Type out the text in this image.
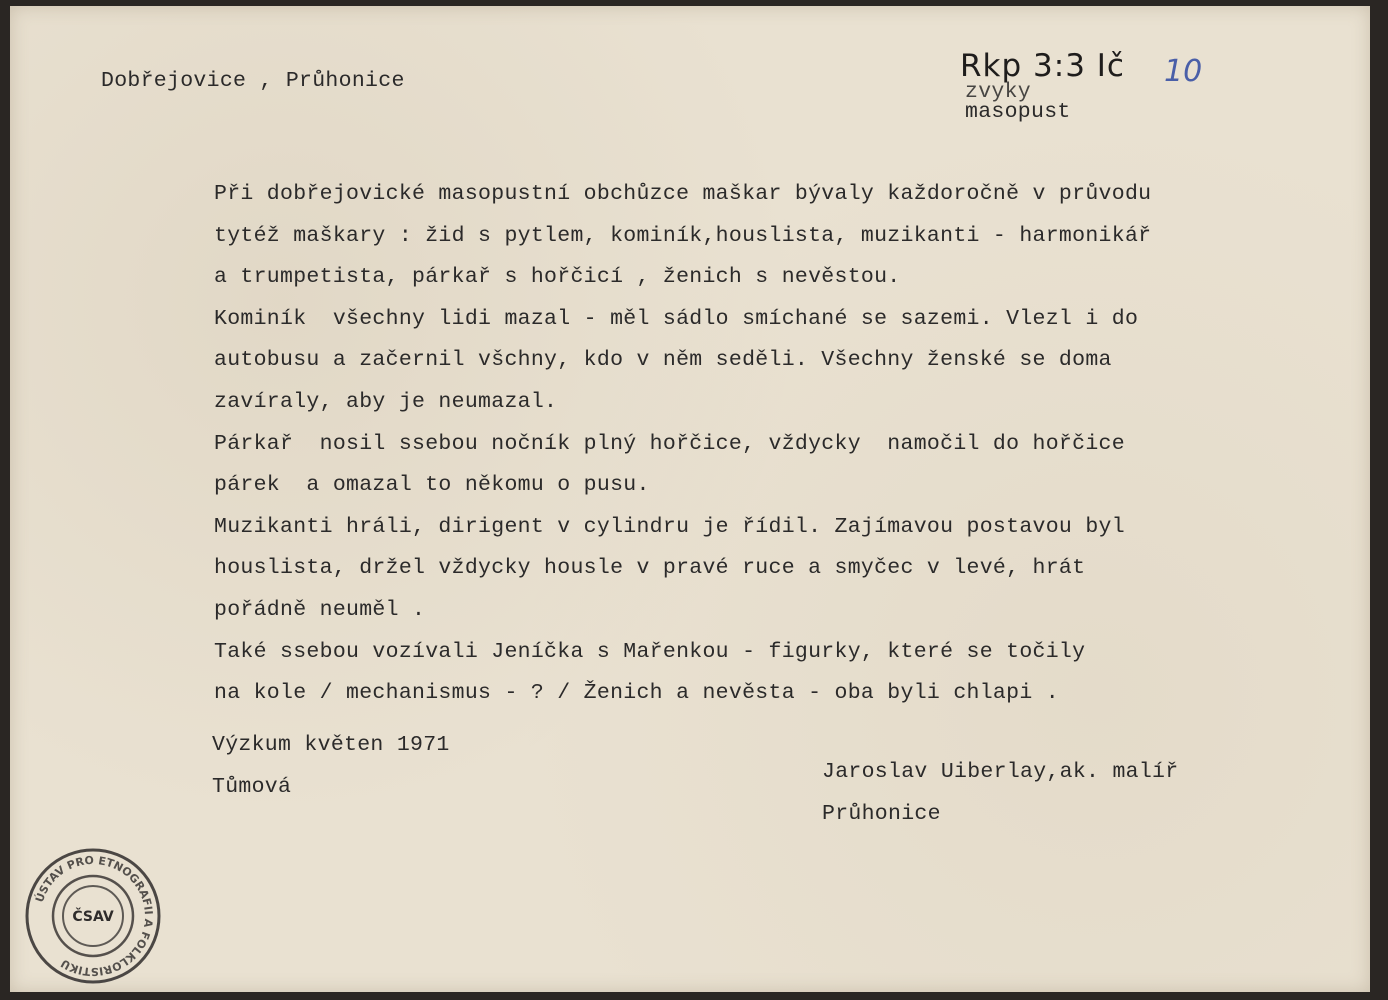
Dobřejovice , Průhonice	zvyky
masopust
Rkp 3:3 Ič 10
Při dobřejovické masopustní obchůzce maškar bývaly každoročně v průvodu
tytéž maškary : žid s pytlem, kominík,houslista, muzikanti - harmonikář
a trumpetista, párkař s hořčicí , ženich s nevěstou.
Kominík  všechny lidi mazal - měl sádlo smíchané se sazemi. Vlezl i do
autobusu a začernil všchny, kdo v něm seděli. Všechny ženské se doma
zavíraly, aby je neumazal.
Párkař  nosil ssebou nočník plný hořčice, vždycky  namočil do hořčice
párek  a omazal to někomu o pusu.
Muzikanti hráli, dirigent v cylindru je řídil. Zajímavou postavou byl
houslista, držel vždycky housle v pravé ruce a smyčec v levé, hrát
pořádně neuměl .
Také ssebou vozívali Jeníčka s Mařenkou - figurky, které se točily
na kole / mechanismus - ? / Ženich a nevěsta - oba byli chlapi .
Výzkum květen 1971
Tůmová
Jaroslav Uiberlay,ak. malíř
Průhonice
ÚSTAV PRO ETNOGRAFII A FOLKLORISTIKU
ČSAV
